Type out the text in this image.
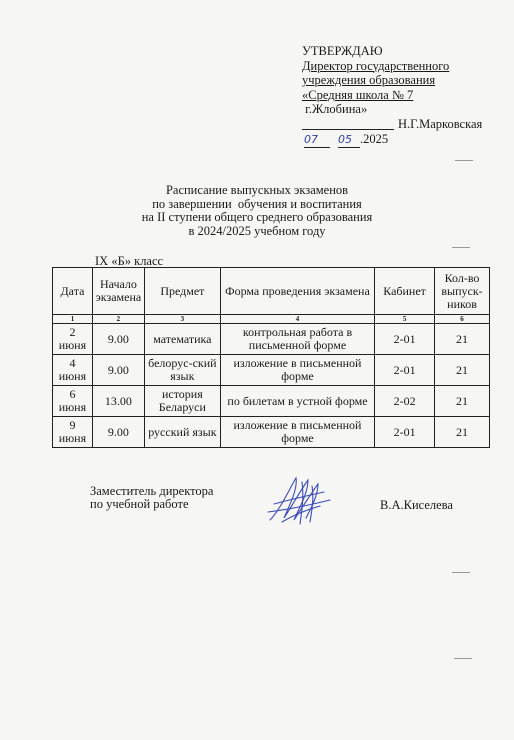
УТВЕРЖДАЮ
Директор государственного
учреждения образования
«Средняя школа № 7
г.Жлобина»
Н.Г.Марковская
07	05 .2025
Расписание выпускных экзаменов
по завершении  обучения и воспитания
на II ступени общего среднего образования
в 2024/2025 учебном году
IX «Б» класс
Дата	Начало экзамена	Предмет	Форма проведения экзамена	Кабинет	Кол-во выпуск-ников
1	2	3	4	5	6
2 июня	9.00	математика	контрольная работа в письменной форме	2-01	21
4 июня	9.00	белорус-ский язык	изложение в письменной форме	2-01	21
6 июня	13.00	история Беларуси	по билетам в устной форме	2-02	21
9 июня	9.00	русский язык	изложение в письменной форме	2-01	21
Заместитель директора
по учебной работе	В.А.Киселева
